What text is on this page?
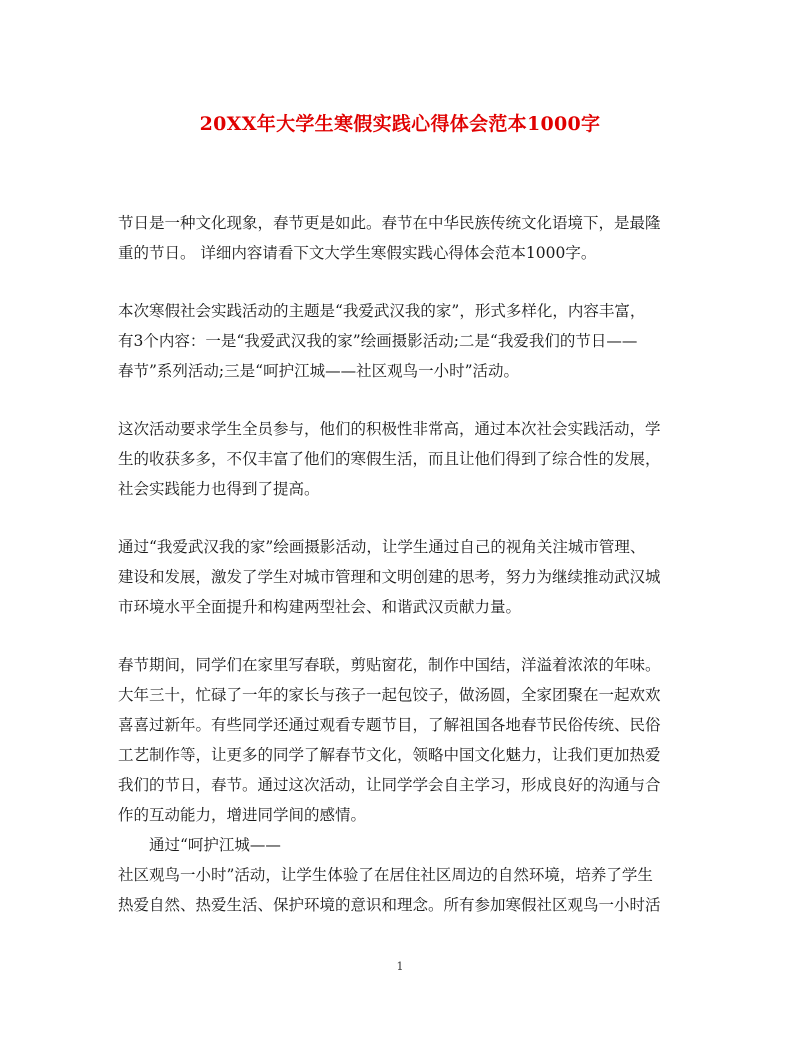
20XX年大学生寒假实践心得体会范本1000字
节日是一种文化现象，春节更是如此。春节在中华民族传统文化语境下，是最隆
重的节日。 详细内容请看下文大学生寒假实践心得体会范本1000字。
本次寒假社会实践活动的主题是“我爱武汉我的家”，形式多样化，内容丰富，
有3个内容：一是“我爱武汉我的家”绘画摄影活动;二是“我爱我们的节日——
春节”系列活动;三是“呵护江城——社区观鸟一小时”活动。
这次活动要求学生全员参与，他们的积极性非常高，通过本次社会实践活动，学
生的收获多多，不仅丰富了他们的寒假生活，而且让他们得到了综合性的发展，
社会实践能力也得到了提高。
通过“我爱武汉我的家”绘画摄影活动，让学生通过自己的视角关注城市管理、
建设和发展，激发了学生对城市管理和文明创建的思考，努力为继续推动武汉城
市环境水平全面提升和构建两型社会、和谐武汉贡献力量。
春节期间，同学们在家里写春联，剪贴窗花，制作中国结，洋溢着浓浓的年味。
大年三十，忙碌了一年的家长与孩子一起包饺子，做汤圆，全家团聚在一起欢欢
喜喜过新年。有些同学还通过观看专题节目，了解祖国各地春节民俗传统、民俗
工艺制作等，让更多的同学了解春节文化，领略中国文化魅力，让我们更加热爱
我们的节日，春节。通过这次活动，让同学学会自主学习，形成良好的沟通与合
作的互动能力，增进同学间的感情。
通过“呵护江城——
社区观鸟一小时”活动，让学生体验了在居住社区周边的自然环境，培养了学生
热爱自然、热爱生活、保护环境的意识和理念。所有参加寒假社区观鸟一小时活
1
